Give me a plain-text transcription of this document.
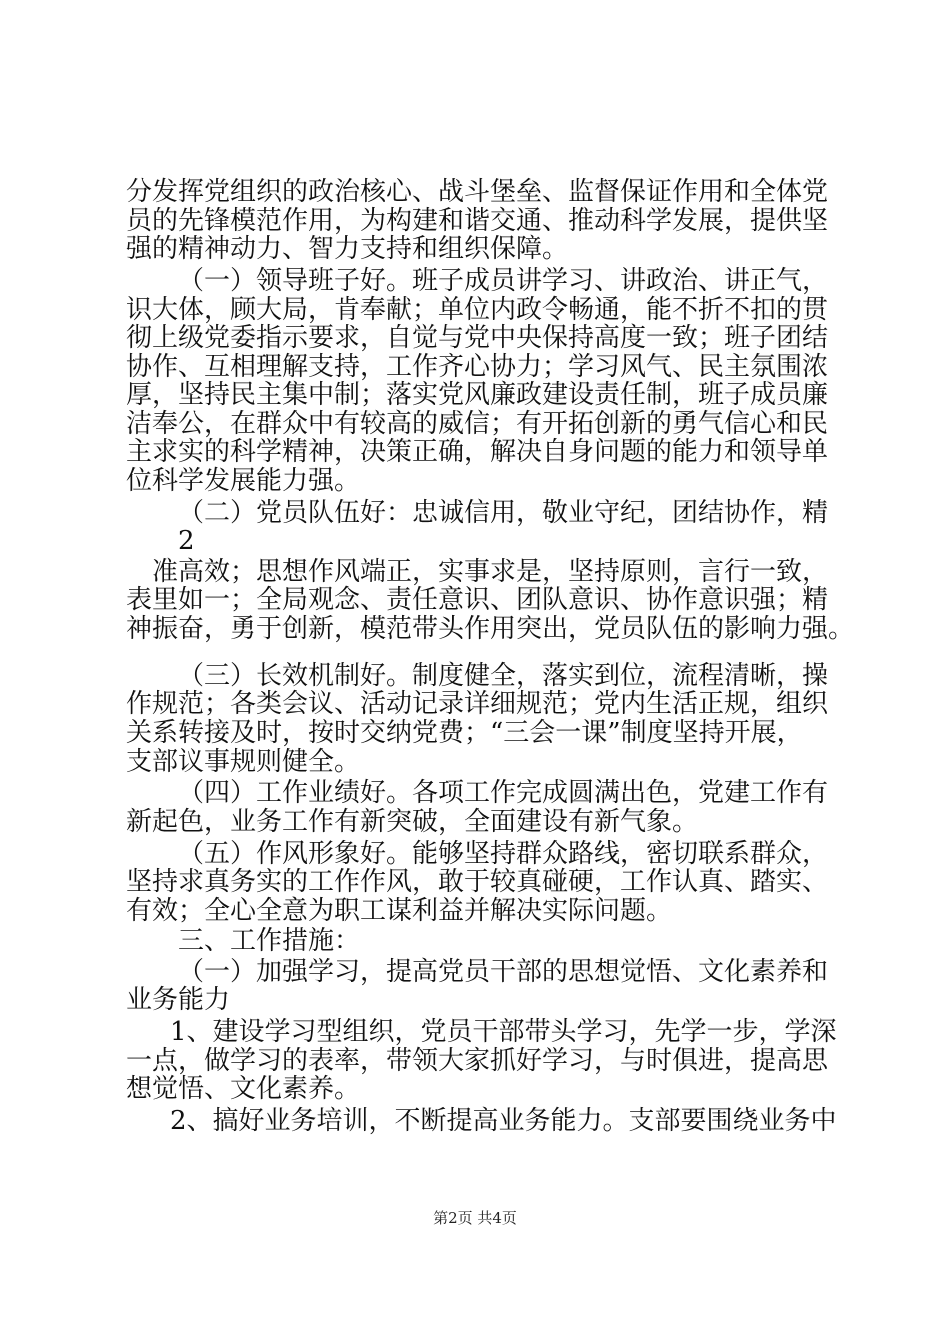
分发挥党组织的政治核心、战斗堡垒、监督保证作用和全体党
员的先锋模范作用，为构建和谐交通、推动科学发展，提供坚
强的精神动力、智力支持和组织保障。
（一）领导班子好。班子成员讲学习、讲政治、讲正气，
识大体，顾大局，肯奉献；单位内政令畅通，能不折不扣的贯
彻上级党委指示要求，自觉与党中央保持高度一致；班子团结
协作、互相理解支持，工作齐心协力；学习风气、民主氛围浓
厚，坚持民主集中制；落实党风廉政建设责任制，班子成员廉
洁奉公，在群众中有较高的威信；有开拓创新的勇气信心和民
主求实的科学精神，决策正确，解决自身问题的能力和领导单
位科学发展能力强。
（二）党员队伍好：忠诚信用，敬业守纪，团结协作，精
2
准高效；思想作风端正，实事求是，坚持原则，言行一致，
表里如一；全局观念、责任意识、团队意识、协作意识强；精
神振奋，勇于创新，模范带头作用突出，党员队伍的影响力强。
（三）长效机制好。制度健全，落实到位，流程清晰，操
作规范；各类会议、活动记录详细规范；党内生活正规，组织
关系转接及时，按时交纳党费；“三会一课”制度坚持开展，
支部议事规则健全。
（四）工作业绩好。各项工作完成圆满出色，党建工作有
新起色，业务工作有新突破，全面建设有新气象。
（五）作风形象好。能够坚持群众路线，密切联系群众，
坚持求真务实的工作作风，敢于较真碰硬，工作认真、踏实、
有效；全心全意为职工谋利益并解决实际问题。
三、工作措施：
（一）加强学习，提高党员干部的思想觉悟、文化素养和
业务能力
1、建设学习型组织，党员干部带头学习，先学一步，学深
一点，做学习的表率，带领大家抓好学习，与时俱进，提高思
想觉悟、文化素养。
2、搞好业务培训，不断提高业务能力。支部要围绕业务中
第2页 共4页
